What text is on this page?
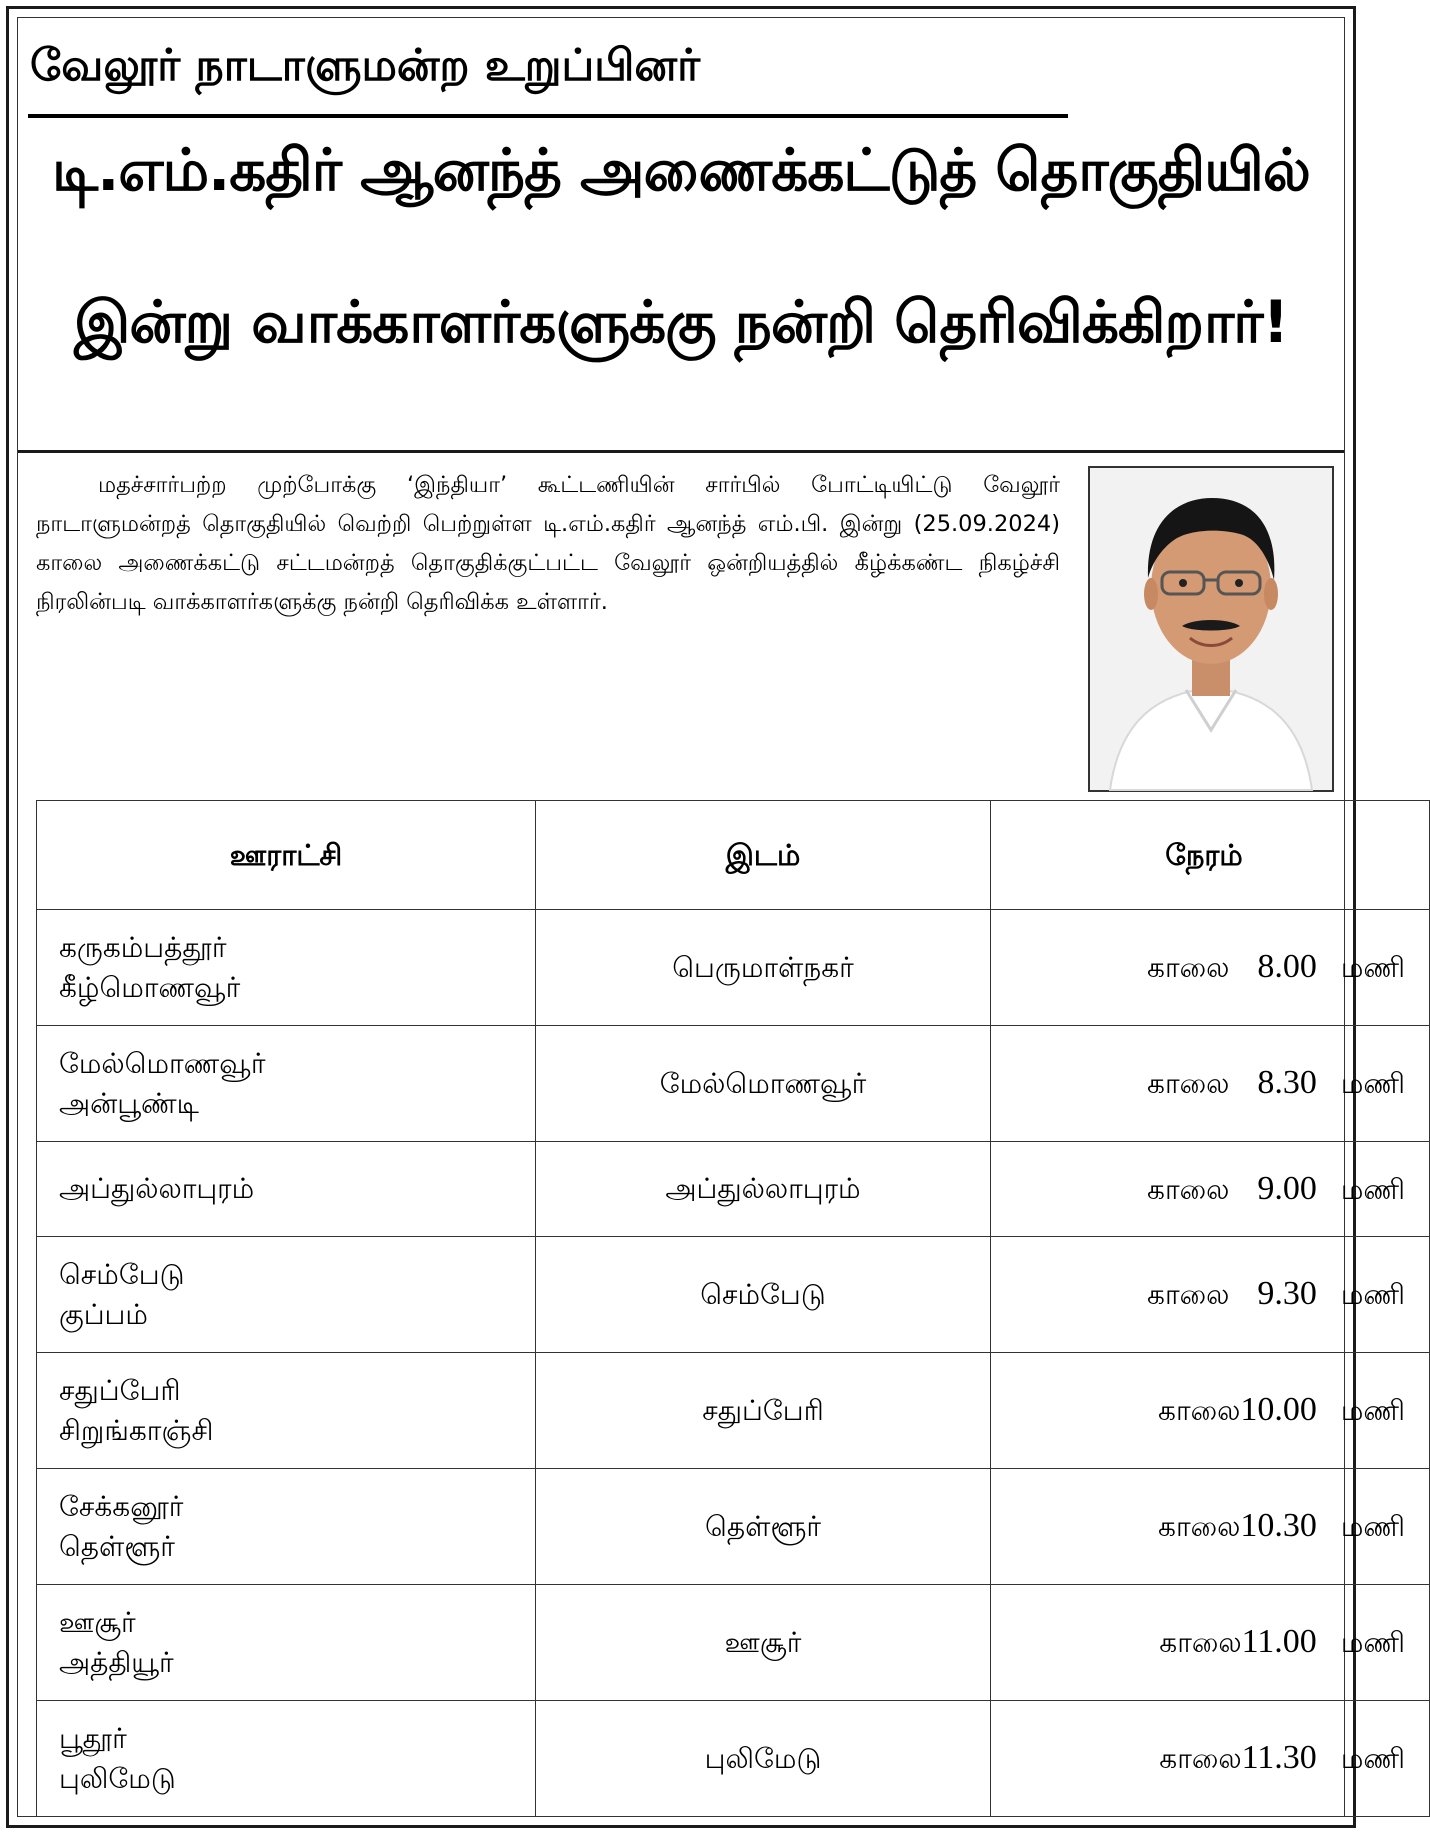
வேலூர் நாடாளுமன்ற உறுப்பினர்
டி.எம்.கதிர் ஆனந்த் அணைக்கட்டுத் தொகுதியில்
இன்று வாக்காளர்களுக்கு நன்றி தெரிவிக்கிறார்!
மதச்சார்பற்ற முற்போக்கு ‘இந்தியா’ கூட்டணியின் சார்பில் போட்டியிட்டு வேலூர் நாடாளுமன்றத் தொகுதியில் வெற்றி பெற்றுள்ள டி.எம்.கதிர் ஆனந்த் எம்.பி. இன்று (25.09.2024) காலை அணைக்கட்டு சட்டமன்றத் தொகுதிக்குட்பட்ட வேலூர் ஒன்றியத்தில் கீழ்க்கண்ட நிகழ்ச்சி நிரலின்படி வாக்காளர்களுக்கு நன்றி தெரிவிக்க உள்ளார்.
ஊராட்சி	இடம்	நேரம்
கருகம்பத்தூர்
கீழ்மொணவூர்	பெருமாள்நகர்	காலை 8.00 மணி
மேல்மொணவூர்
அன்பூண்டி	மேல்மொணவூர்	காலை 8.30 மணி
அப்துல்லாபுரம்	அப்துல்லாபுரம்	காலை 9.00 மணி
செம்பேடு
குப்பம்	செம்பேடு	காலை 9.30 மணி
சதுப்பேரி
சிறுங்காஞ்சி	சதுப்பேரி	காலை10.00 மணி
சேக்கனூர்
தெள்ளூர்	தெள்ளூர்	காலை10.30 மணி
ஊசூர்
அத்தியூர்	ஊசூர்	காலை11.00 மணி
பூதூர்
புலிமேடு	புலிமேடு	காலை11.30 மணி
